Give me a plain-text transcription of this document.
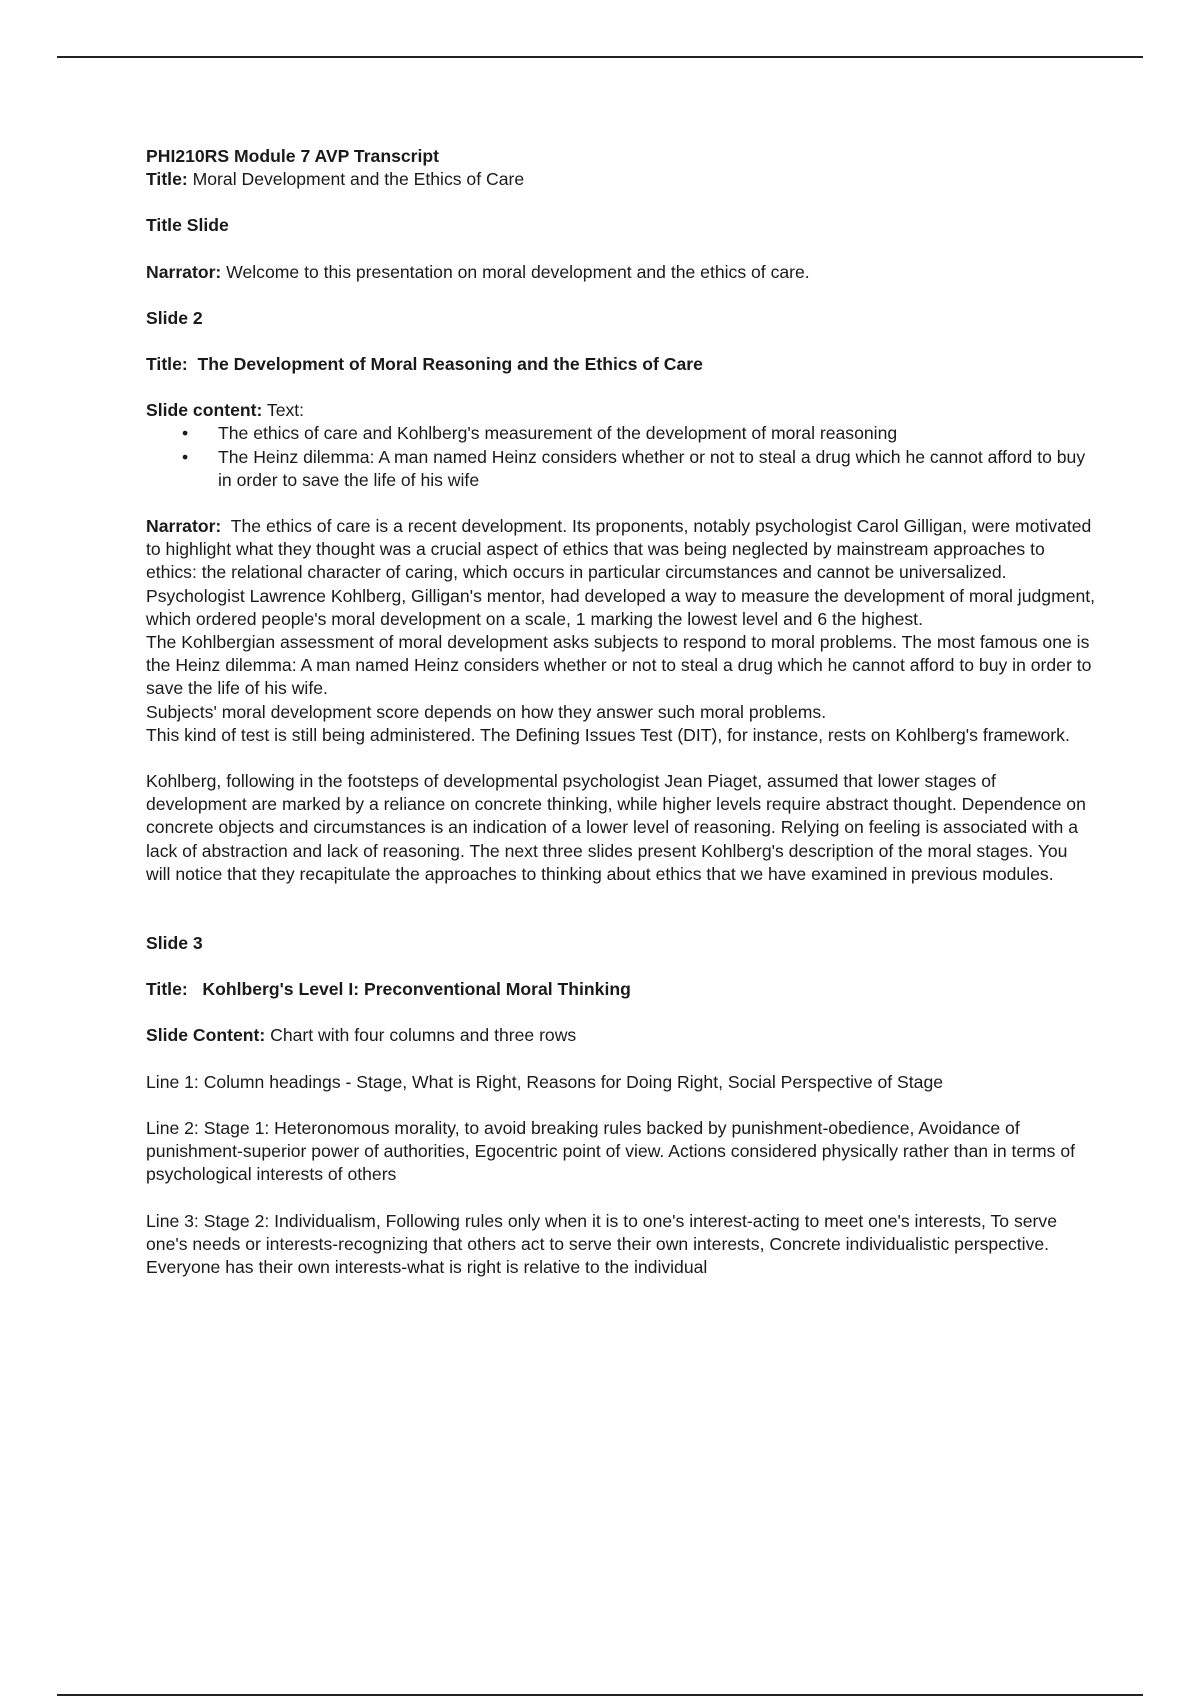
PHI210RS Module 7 AVP Transcript

Title: Moral Development and the Ethics of Care

Title Slide

Narrator: Welcome to this presentation on moral development and the ethics of care.

Slide 2

Title: The Development of Moral Reasoning and the Ethics of Care

Slide content: Text:

• The ethics of care and Kohlberg's measurement of the development of moral reasoning
• The Heinz dilemma: A man named Heinz considers whether or not to steal a drug which he cannot afford to buy in order to save the life of his wife

Narrator: The ethics of care is a recent development. Its proponents, notably psychologist Carol Gilligan, were motivated to highlight what they thought was a crucial aspect of ethics that was being neglected by mainstream approaches to ethics: the relational character of caring, which occurs in particular circumstances and cannot be universalized. Psychologist Lawrence Kohlberg, Gilligan's mentor, had developed a way to measure the development of moral judgment, which ordered people's moral development on a scale, 1 marking the lowest level and 6 the highest.

The Kohlbergian assessment of moral development asks subjects to respond to moral problems. The most famous one is the Heinz dilemma: A man named Heinz considers whether or not to steal a drug which he cannot afford to buy in order to save the life of his wife.

Subjects' moral development score depends on how they answer such moral problems.

This kind of test is still being administered. The Defining Issues Test (DIT), for instance, rests on Kohlberg's framework.

Kohlberg, following in the footsteps of developmental psychologist Jean Piaget, assumed that lower stages of development are marked by a reliance on concrete thinking, while higher levels require abstract thought. Dependence on concrete objects and circumstances is an indication of a lower level of reasoning. Relying on feeling is associated with a lack of abstraction and lack of reasoning. The next three slides present Kohlberg's description of the moral stages. You will notice that they recapitulate the approaches to thinking about ethics that we have examined in previous modules.

Slide 3

Title: Kohlberg's Level I: Preconventional Moral Thinking

Slide Content: Chart with four columns and three rows

Line 1: Column headings - Stage, What is Right, Reasons for Doing Right, Social Perspective of Stage

Line 2: Stage 1: Heteronomous morality, to avoid breaking rules backed by punishment-obedience, Avoidance of punishment-superior power of authorities, Egocentric point of view. Actions considered physically rather than in terms of psychological interests of others

Line 3: Stage 2: Individualism, Following rules only when it is to one's interest-acting to meet one's interests, To serve one's needs or interests-recognizing that others act to serve their own interests, Concrete individualistic perspective. Everyone has their own interests-what is right is relative to the individual
